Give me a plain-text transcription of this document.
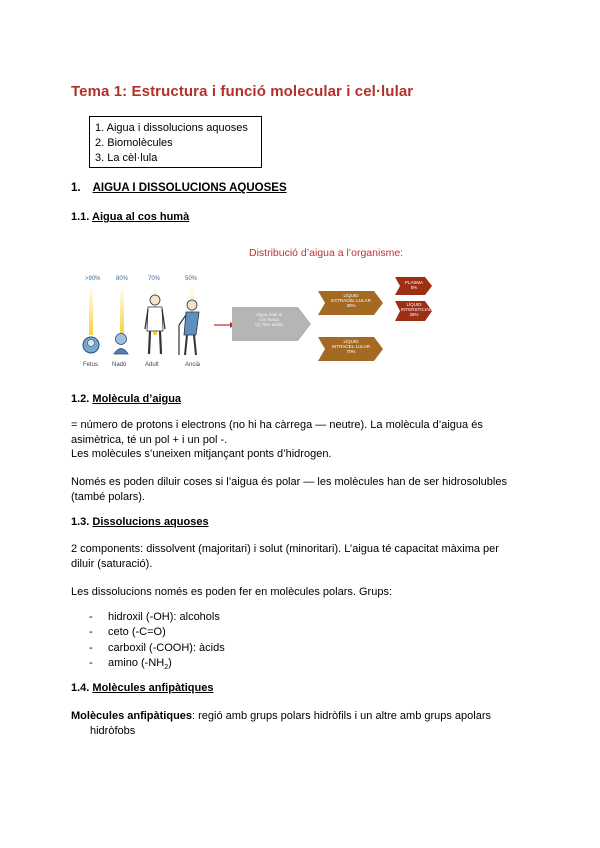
Tema 1: Estructura i funció molecular i cel·lular
1. Aigua i dissolucions aquoses
2. Biomolècules
3. La cèl·lula
1. AIGUA I DISSOLUCIONS AQUOSES
1.1. Aigua al cos humà
Distribució d’aigua a l’organisme:
>90%	80%	70%	50%
Fetus Nadó	Adult	Ancià
Aigua total al
cos humà
(ej 70% adult)
LÍQUID
EXTRACEL·LULAR
30%
LÍQUID
INTRACEL·LULAR
70%
PLASMA
5%
LÍQUID
INTERSTICIAL
25%
1.2. Molècula d’aigua
= número de protons i electrons (no hi ha càrrega — neutre). La molècula d’aigua és
asimètrica, té un pol + i un pol -.
Les molècules s’uneixen mitjançant ponts d’hidrogen.
Només es poden diluir coses si l’aigua és polar — les molècules han de ser hidrosolubles
(també polars).
1.3. Dissolucions aquoses
2 components: dissolvent (majoritari) i solut (minoritari). L’aigua té capacitat màxima per
diluir (saturació).
Les dissolucions només es poden fer en molècules polars. Grups:
- hidroxil (-OH): alcohols
- ceto (-C=O)
- carboxil (-COOH): àcids
- amino $(-NH_2)$
1.4. Molècules anfipàtiques
Molècules anfipàtiques: regió amb grups polars hidròfils i un altre amb grups apolars
hidròfobs
